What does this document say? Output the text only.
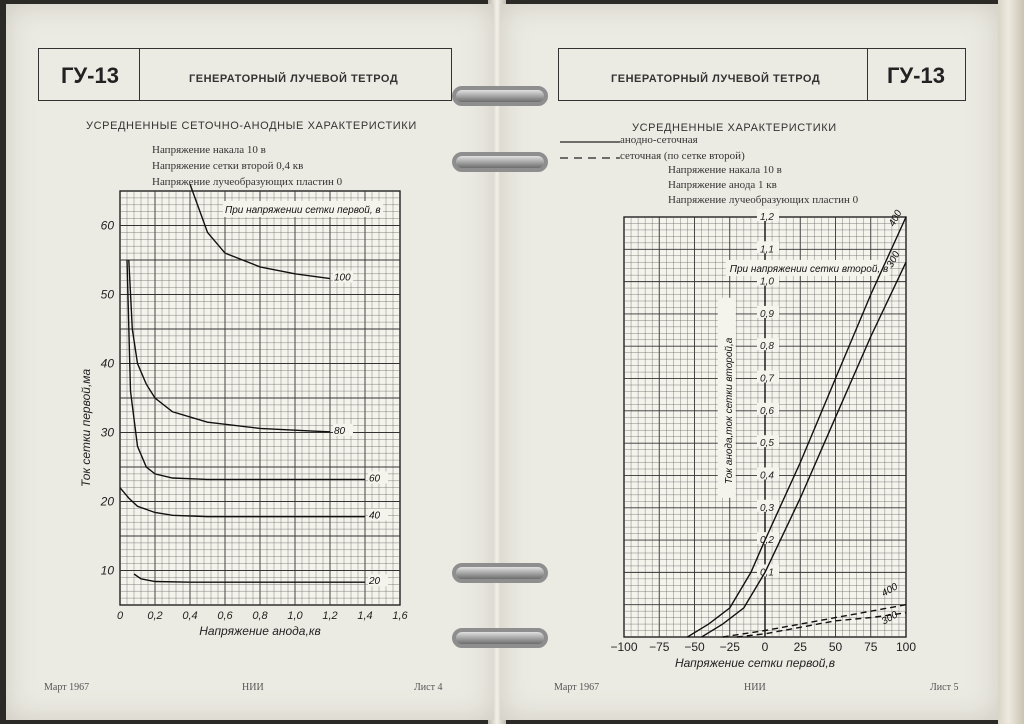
ГУ-13	ГЕНЕРАТОРНЫЙ ЛУЧЕВОЙ ТЕТРОД
УСРЕДНЕННЫЕ СЕТОЧНО-АНОДНЫЕ ХАРАКТЕРИСТИКИ
Напряжение накала 10 в
Напряжение сетки второй 0,4 кв
Напряжение лучеобразующих пластин 0
0,2 0,4 0,6 0,8 1,0 1,2 1,4 1,6
0
10
20
30
40
50
60
Напряжение анода,кв
Ток сетки первой,ма
При напряжении сетки первой, в
100
80
60
40
20
Март 1967	НИИ	Лист 4
ГЕНЕРАТОРНЫЙ ЛУЧЕВОЙ ТЕТРОД	ГУ-13
УСРЕДНЕННЫЕ ХАРАКТЕРИСТИКИ
анодно-сеточная
сеточная (по сетке второй)
Напряжение накала 10 в
Напряжение анода 1 кв
Напряжение лучеобразующих пластин 0
−100 −75 −50 −25 0 25 50 75 100
0,1
0,2
0,3
0,4
0,5
0,6
0,7
0,8
0,9
1,0
1,1
1,2
Напряжение сетки первой,в
Ток анода,ток сетки второй,а
При напряжении сетки второй, в
400
300
400
300
Март 1967	НИИ	Лист 5
